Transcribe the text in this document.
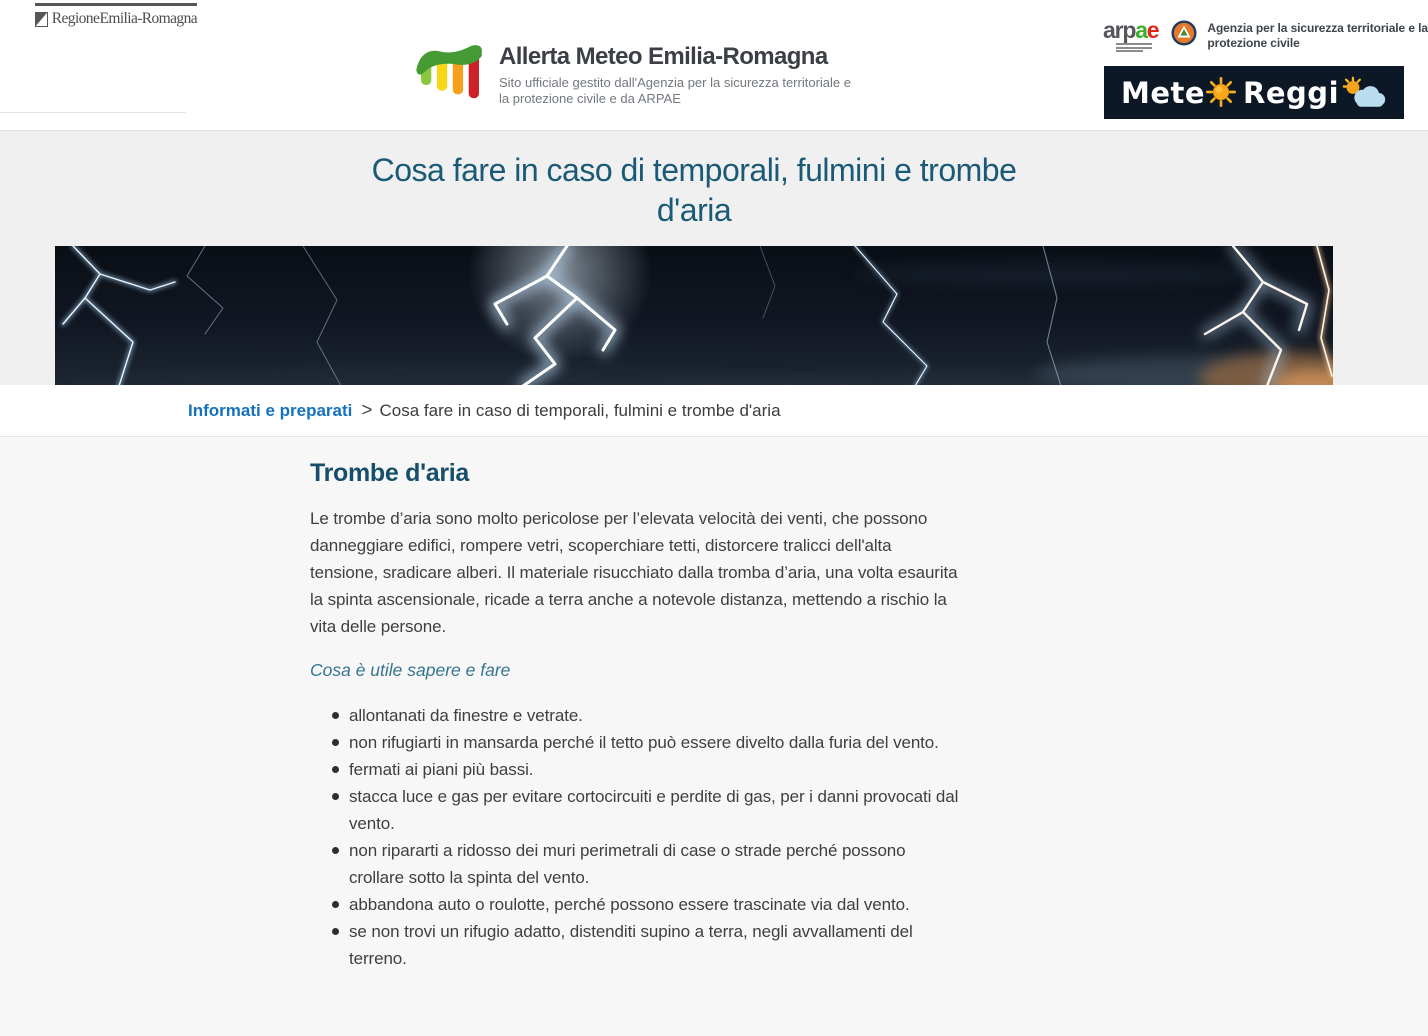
Regione Emilia-Romagna
Allerta Meteo Emilia-Romagna
Sito ufficiale gestito dall'Agenzia per la sicurezza territoriale e
la protezione civile e da ARPAE
arpae	Agenzia per la sicurezza territoriale e la
protezione civile
Mete Reggi
Cosa fare in caso di temporali, fulmini e trombe
d'aria
Informati e preparati > Cosa fare in caso di temporali, fulmini e trombe d'aria
Trombe d'aria
Le trombe d’aria sono molto pericolose per l’elevata velocità dei venti, che possono
danneggiare edifici, rompere vetri, scoperchiare tetti, distorcere tralicci dell'alta
tensione, sradicare alberi. Il materiale risucchiato dalla tromba d’aria, una volta esaurita
la spinta ascensionale, ricade a terra anche a notevole distanza, mettendo a rischio la
vita delle persone.
Cosa è utile sapere e fare
allontanati da finestre e vetrate.
non rifugiarti in mansarda perché il tetto può essere divelto dalla furia del vento.
fermati ai piani più bassi.
stacca luce e gas per evitare cortocircuiti e perdite di gas, per i danni provocati dal
vento.
non ripararti a ridosso dei muri perimetrali di case o strade perché possono
crollare sotto la spinta del vento.
abbandona auto o roulotte, perché possono essere trascinate via dal vento.
se non trovi un rifugio adatto, distenditi supino a terra, negli avvallamenti del
terreno.
